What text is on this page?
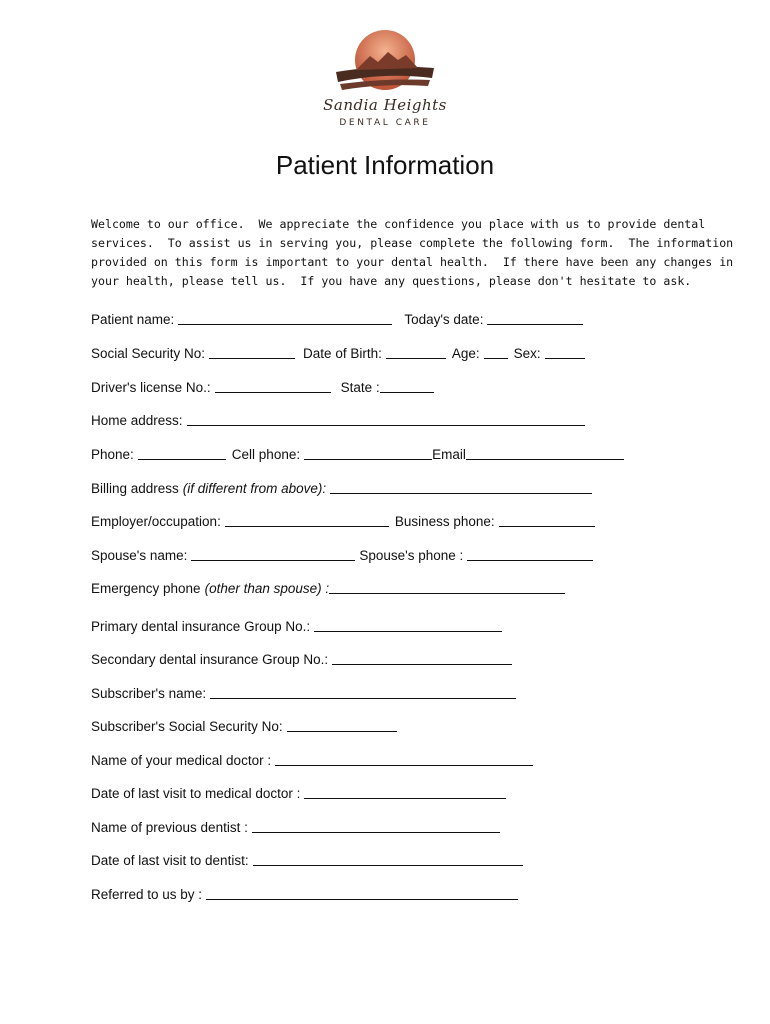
Sandia Heights
DENTAL CARE
Patient Information
Welcome to our office.  We appreciate the confidence you place with us to provide dental
services.  To assist us in serving you, please complete the following form.  The information
provided on this form is important to your dental health.  If there have been any changes in
your health, please tell us.  If you have any questions, please don't hesitate to ask.
Patient name:	Today's date:
Social Security No:	Date of Birth:	Age:	Sex:
Driver's license No.:	State :
Home address:
Phone:	Cell phone:	Email
Billing address (if different from above):
Employer/occupation:	Business phone:
Spouse's name:	Spouse's phone :
Emergency phone (other than spouse) :
Primary dental insurance Group No.:
Secondary dental insurance Group No.:
Subscriber's name:
Subscriber's Social Security No:
Name of your medical doctor :
Date of last visit to medical doctor :
Name of previous dentist :
Date of last visit to dentist:
Referred to us by :
